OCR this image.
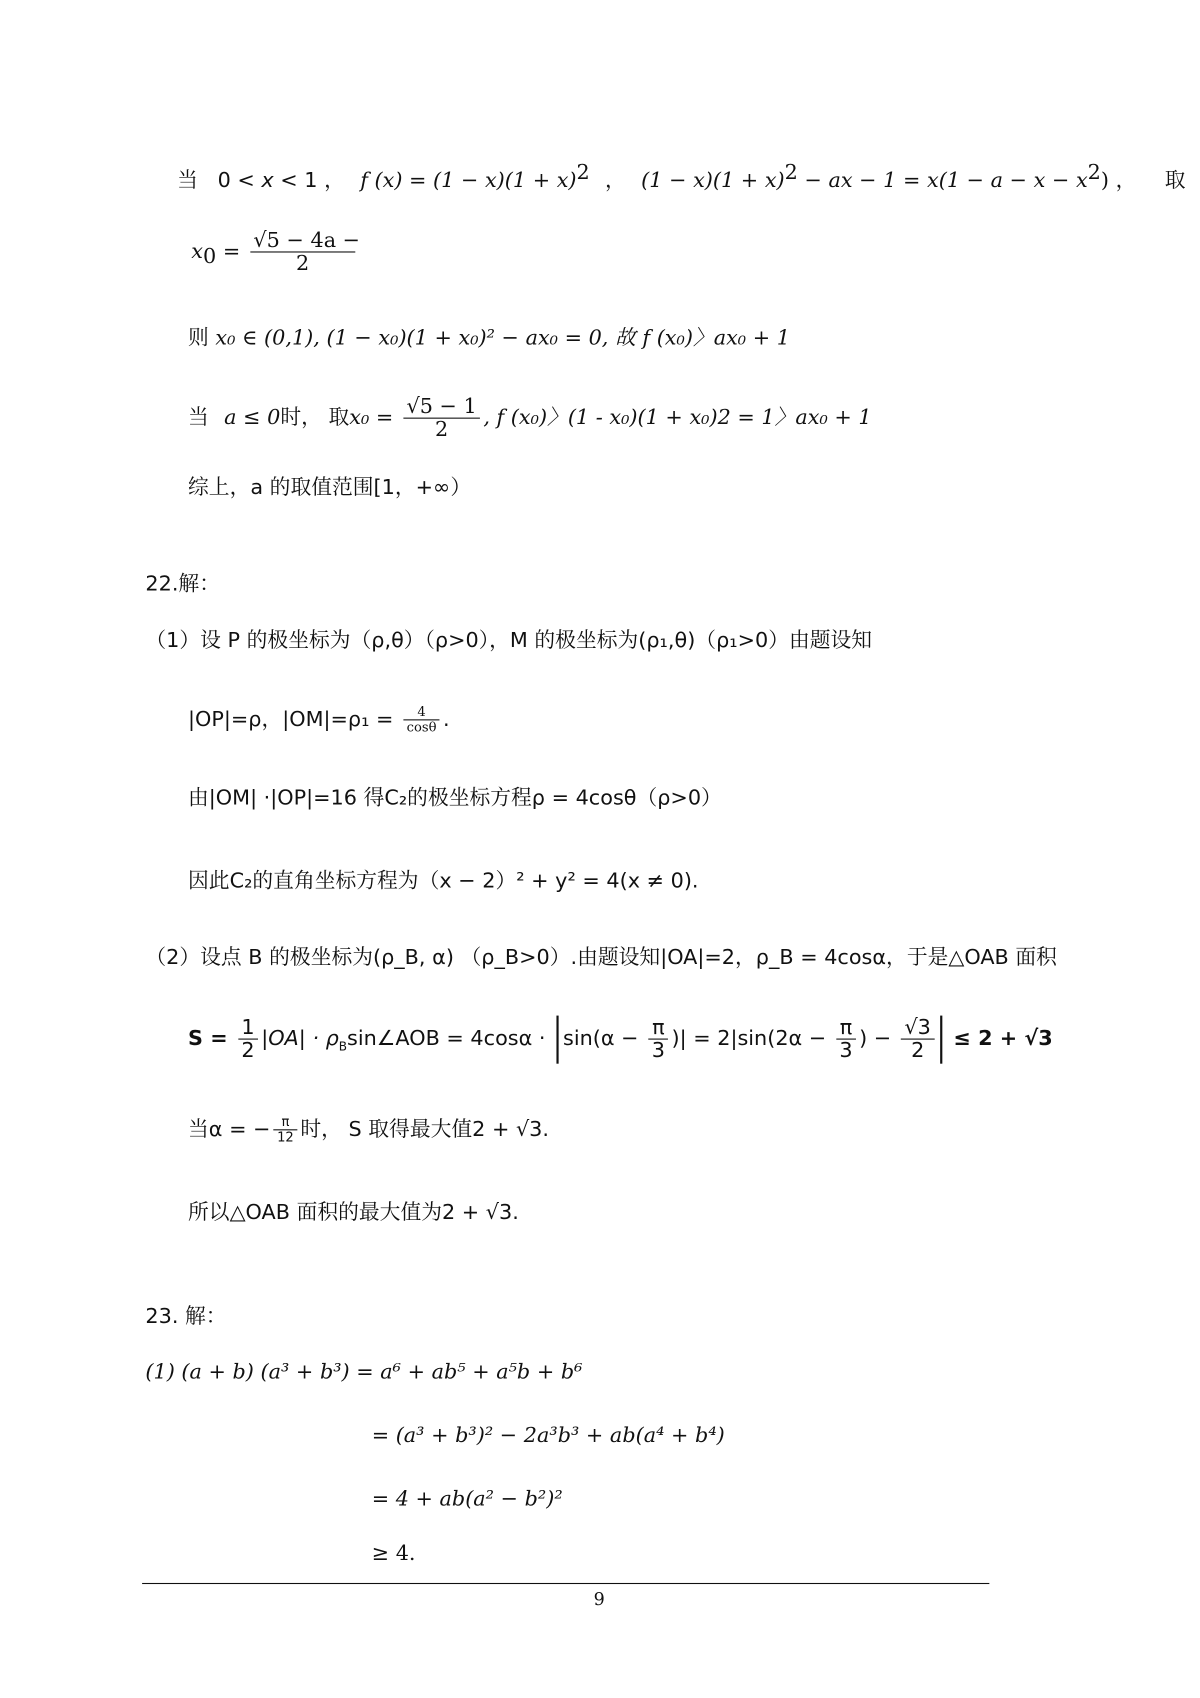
当 0 < x < 1 ， f $(x) = (1 - x)(1 + x)^2$ ， $(1 - x)(1 + x)^2$ − ax − $1 = x(1 - a - x - x^2)$ ， 取
$x_0 = \frac{√5 - 4a -}{2}$
则 x₀ ∈ (0,1), (1 − x₀)(1 + x₀)² − ax₀ = 0, 故 f (x₀)〉ax₀ + 1
当 a ≤ 0时， 取$x_0 = \frac{√5 - 1}{2}$ , f (x₀)〉(1 - x₀)(1 + x₀)2 = 1〉ax₀ + 1
综上，a 的取值范围[1，+∞）
22.解：
（1）设 P 的极坐标为（ρ,θ）（ρ>0），M 的极坐标为(ρ₁,θ)（ρ₁>0）由题设知
|OP|=ρ，$|OM|=\rho_1 = \frac{4}{\cos\theta}$ .
由|OM| ·|OP|=16 得C₂的极坐标方程ρ = 4cosθ（ρ>0）
因此C₂的直角坐标方程为（x − 2）² + y² = 4(x ≠ 0).
（2）设点 B 的极坐标为(ρ_B, α) （ρ_B>0）.由题设知|OA|=2，ρ_B = 4cosα，于是△OAB 面积
$S = \frac{1}{2} |OA|$ · $\rho_B\sin\angle AOB = 4\cos\alpha \cdot \sin(\alpha - \frac{\pi}{3}$ )| = $2|\sin(2\alpha - \frac{\pi}{3}$ ) − $\frac{√3}{2} \le 2 + √3$
当α = − $\frac{\pi}{12}$ 时， S 取得最大值2 + √3.
所以△OAB 面积的最大值为2 + √3.
23. 解：
(1) (a + b) (a³ + b³) = a⁶ + ab⁵ + a⁵b + b⁶
= (a³ + b³)² − 2a³b³ + ab(a⁴ + b⁴)
= 4 + ab(a² − b²)²
≥ 4.
9
